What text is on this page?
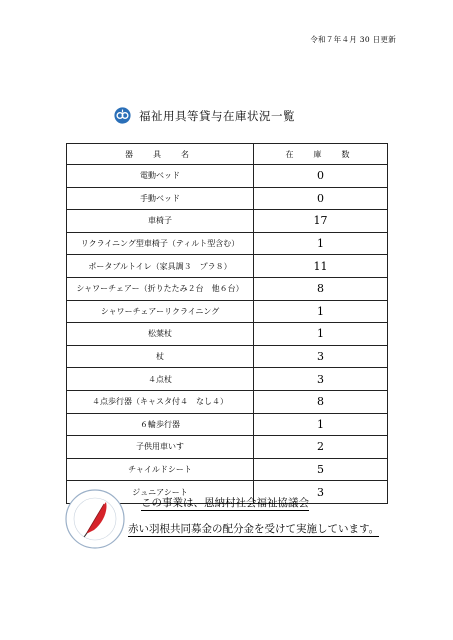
令和７年４月 30 日更新
福祉用具等貸与在庫状況一覧
器　具　名	在　庫　数
電動ベッド	0
手動ベッド	0
車椅子	17
リクライニング型車椅子（ティルト型含む）	1
ポータブルトイレ（家具調３　プラ８）	11
シャワーチェアー（折りたたみ２台　他６台）	8
シャワーチェアーリクライニング	1
松葉杖	1
杖	3
４点杖	3
４点歩行器（キャスタ付４　なし４）	8
６輪歩行器	1
子供用車いす	2
チャイルドシート	5
ジュニアシート	3
この事業は、恩納村社会福祉協議会
赤い羽根共同募金の配分金を受けて実施しています。
